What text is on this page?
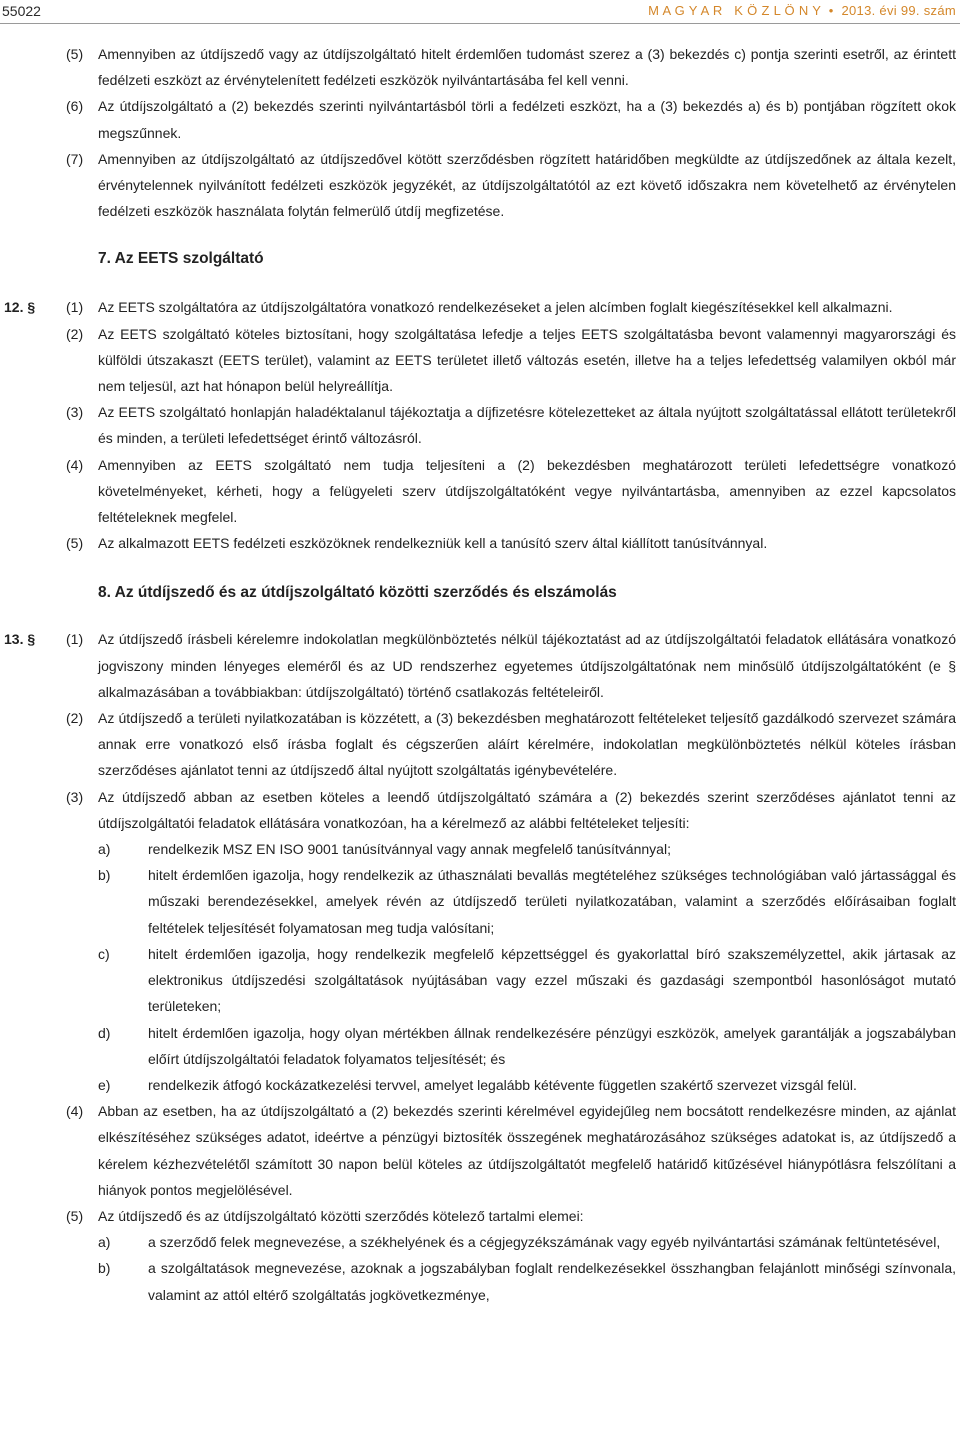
55022	M A G Y A R   K Ö Z L Ö N Y  •  2013. évi 99. szám
(5) Amennyiben az útdíjszedő vagy az útdíjszolgáltató hitelt érdemlően tudomást szerez a (3) bekezdés c) pontja szerinti esetről, az érintett fedélzeti eszközt az érvénytelenített fedélzeti eszközök nyilvántartásába fel kell venni.
(6) Az útdíjszolgáltató a (2) bekezdés szerinti nyilvántartásból törli a fedélzeti eszközt, ha a (3) bekezdés a) és b) pontjában rögzített okok megszűnnek.
(7) Amennyiben az útdíjszolgáltató az útdíjszedővel kötött szerződésben rögzített határidőben megküldte az útdíjszedőnek az általa kezelt, érvénytelennek nyilvánított fedélzeti eszközök jegyzékét, az útdíjszolgáltatótól az ezt követő időszakra nem követelhető az érvénytelen fedélzeti eszközök használata folytán felmerülő útdíj megfizetése.
7. Az EETS szolgáltató
12. § (1) Az EETS szolgáltatóra az útdíjszolgáltatóra vonatkozó rendelkezéseket a jelen alcímben foglalt kiegészítésekkel kell alkalmazni.
(2) Az EETS szolgáltató köteles biztosítani, hogy szolgáltatása lefedje a teljes EETS szolgáltatásba bevont valamennyi magyarországi és külföldi útszakaszt (EETS terület), valamint az EETS területet illető változás esetén, illetve ha a teljes lefedettség valamilyen okból már nem teljesül, azt hat hónapon belül helyreállítja.
(3) Az EETS szolgáltató honlapján haladéktalanul tájékoztatja a díjfizetésre kötelezetteket az általa nyújtott szolgáltatással ellátott területekről és minden, a területi lefedettséget érintő változásról.
(4) Amennyiben az EETS szolgáltató nem tudja teljesíteni a (2) bekezdésben meghatározott területi lefedettségre vonatkozó követelményeket, kérheti, hogy a felügyeleti szerv útdíjszolgáltatóként vegye nyilvántartásba, amennyiben az ezzel kapcsolatos feltételeknek megfelel.
(5) Az alkalmazott EETS fedélzeti eszközöknek rendelkezniük kell a tanúsító szerv által kiállított tanúsítvánnyal.
8. Az útdíjszedő és az útdíjszolgáltató közötti szerződés és elszámolás
13. § (1) Az útdíjszedő írásbeli kérelemre indokolatlan megkülönböztetés nélkül tájékoztatást ad az útdíjszolgáltatói feladatok ellátására vonatkozó jogviszony minden lényeges eleméről és az UD rendszerhez egyetemes útdíjszolgáltatónak nem minősülő útdíjszolgáltatóként (e § alkalmazásában a továbbiakban: útdíjszolgáltató) történő csatlakozás feltételeiről.
(2) Az útdíjszedő a területi nyilatkozatában is közzétett, a (3) bekezdésben meghatározott feltételeket teljesítő gazdálkodó szervezet számára annak erre vonatkozó első írásba foglalt és cégszerűen aláírt kérelmére, indokolatlan megkülönböztetés nélkül köteles írásban szerződéses ajánlatot tenni az útdíjszedő által nyújtott szolgáltatás igénybevételére.
(3) Az útdíjszedő abban az esetben köteles a leendő útdíjszolgáltató számára a (2) bekezdés szerint szerződéses ajánlatot tenni az útdíjszolgáltatói feladatok ellátására vonatkozóan, ha a kérelmező az alábbi feltételeket teljesíti:
a)	rendelkezik MSZ EN ISO 9001 tanúsítvánnyal vagy annak megfelelő tanúsítvánnyal;
b)	hitelt érdemlően igazolja, hogy rendelkezik az úthasználati bevallás megtételéhez szükséges technológiában való jártassággal és műszaki berendezésekkel, amelyek révén az útdíjszedő területi nyilatkozatában, valamint a szerződés előírásaiban foglalt feltételek teljesítését folyamatosan meg tudja valósítani;
c)	hitelt érdemlően igazolja, hogy rendelkezik megfelelő képzettséggel és gyakorlattal bíró szakszemélyzettel, akik jártasak az elektronikus útdíjszedési szolgáltatások nyújtásában vagy ezzel műszaki és gazdasági szempontból hasonlóságot mutató területeken;
d)	hitelt érdemlően igazolja, hogy olyan mértékben állnak rendelkezésére pénzügyi eszközök, amelyek garantálják a jogszabályban előírt útdíjszolgáltatói feladatok folyamatos teljesítését; és
e)	rendelkezik átfogó kockázatkezelési tervvel, amelyet legalább kétévente független szakértő szervezet vizsgál felül.
(4) Abban az esetben, ha az útdíjszolgáltató a (2) bekezdés szerinti kérelmével egyidejűleg nem bocsátott rendelkezésre minden, az ajánlat elkészítéséhez szükséges adatot, ideértve a pénzügyi biztosíték összegének meghatározásához szükséges adatokat is, az útdíjszedő a kérelem kézhezvételétől számított 30 napon belül köteles az útdíjszolgáltatót megfelelő határidő kitűzésével hiánypótlásra felszólítani a hiányok pontos megjelölésével.
(5) Az útdíjszedő és az útdíjszolgáltató közötti szerződés kötelező tartalmi elemei:
a)	a szerződő felek megnevezése, a székhelyének és a cégjegyzékszámának vagy egyéb nyilvántartási számának feltüntetésével,
b)	a szolgáltatások megnevezése, azoknak a jogszabályban foglalt rendelkezésekkel összhangban felajánlott minőségi színvonala, valamint az attól eltérő szolgáltatás jogkövetkezménye,
